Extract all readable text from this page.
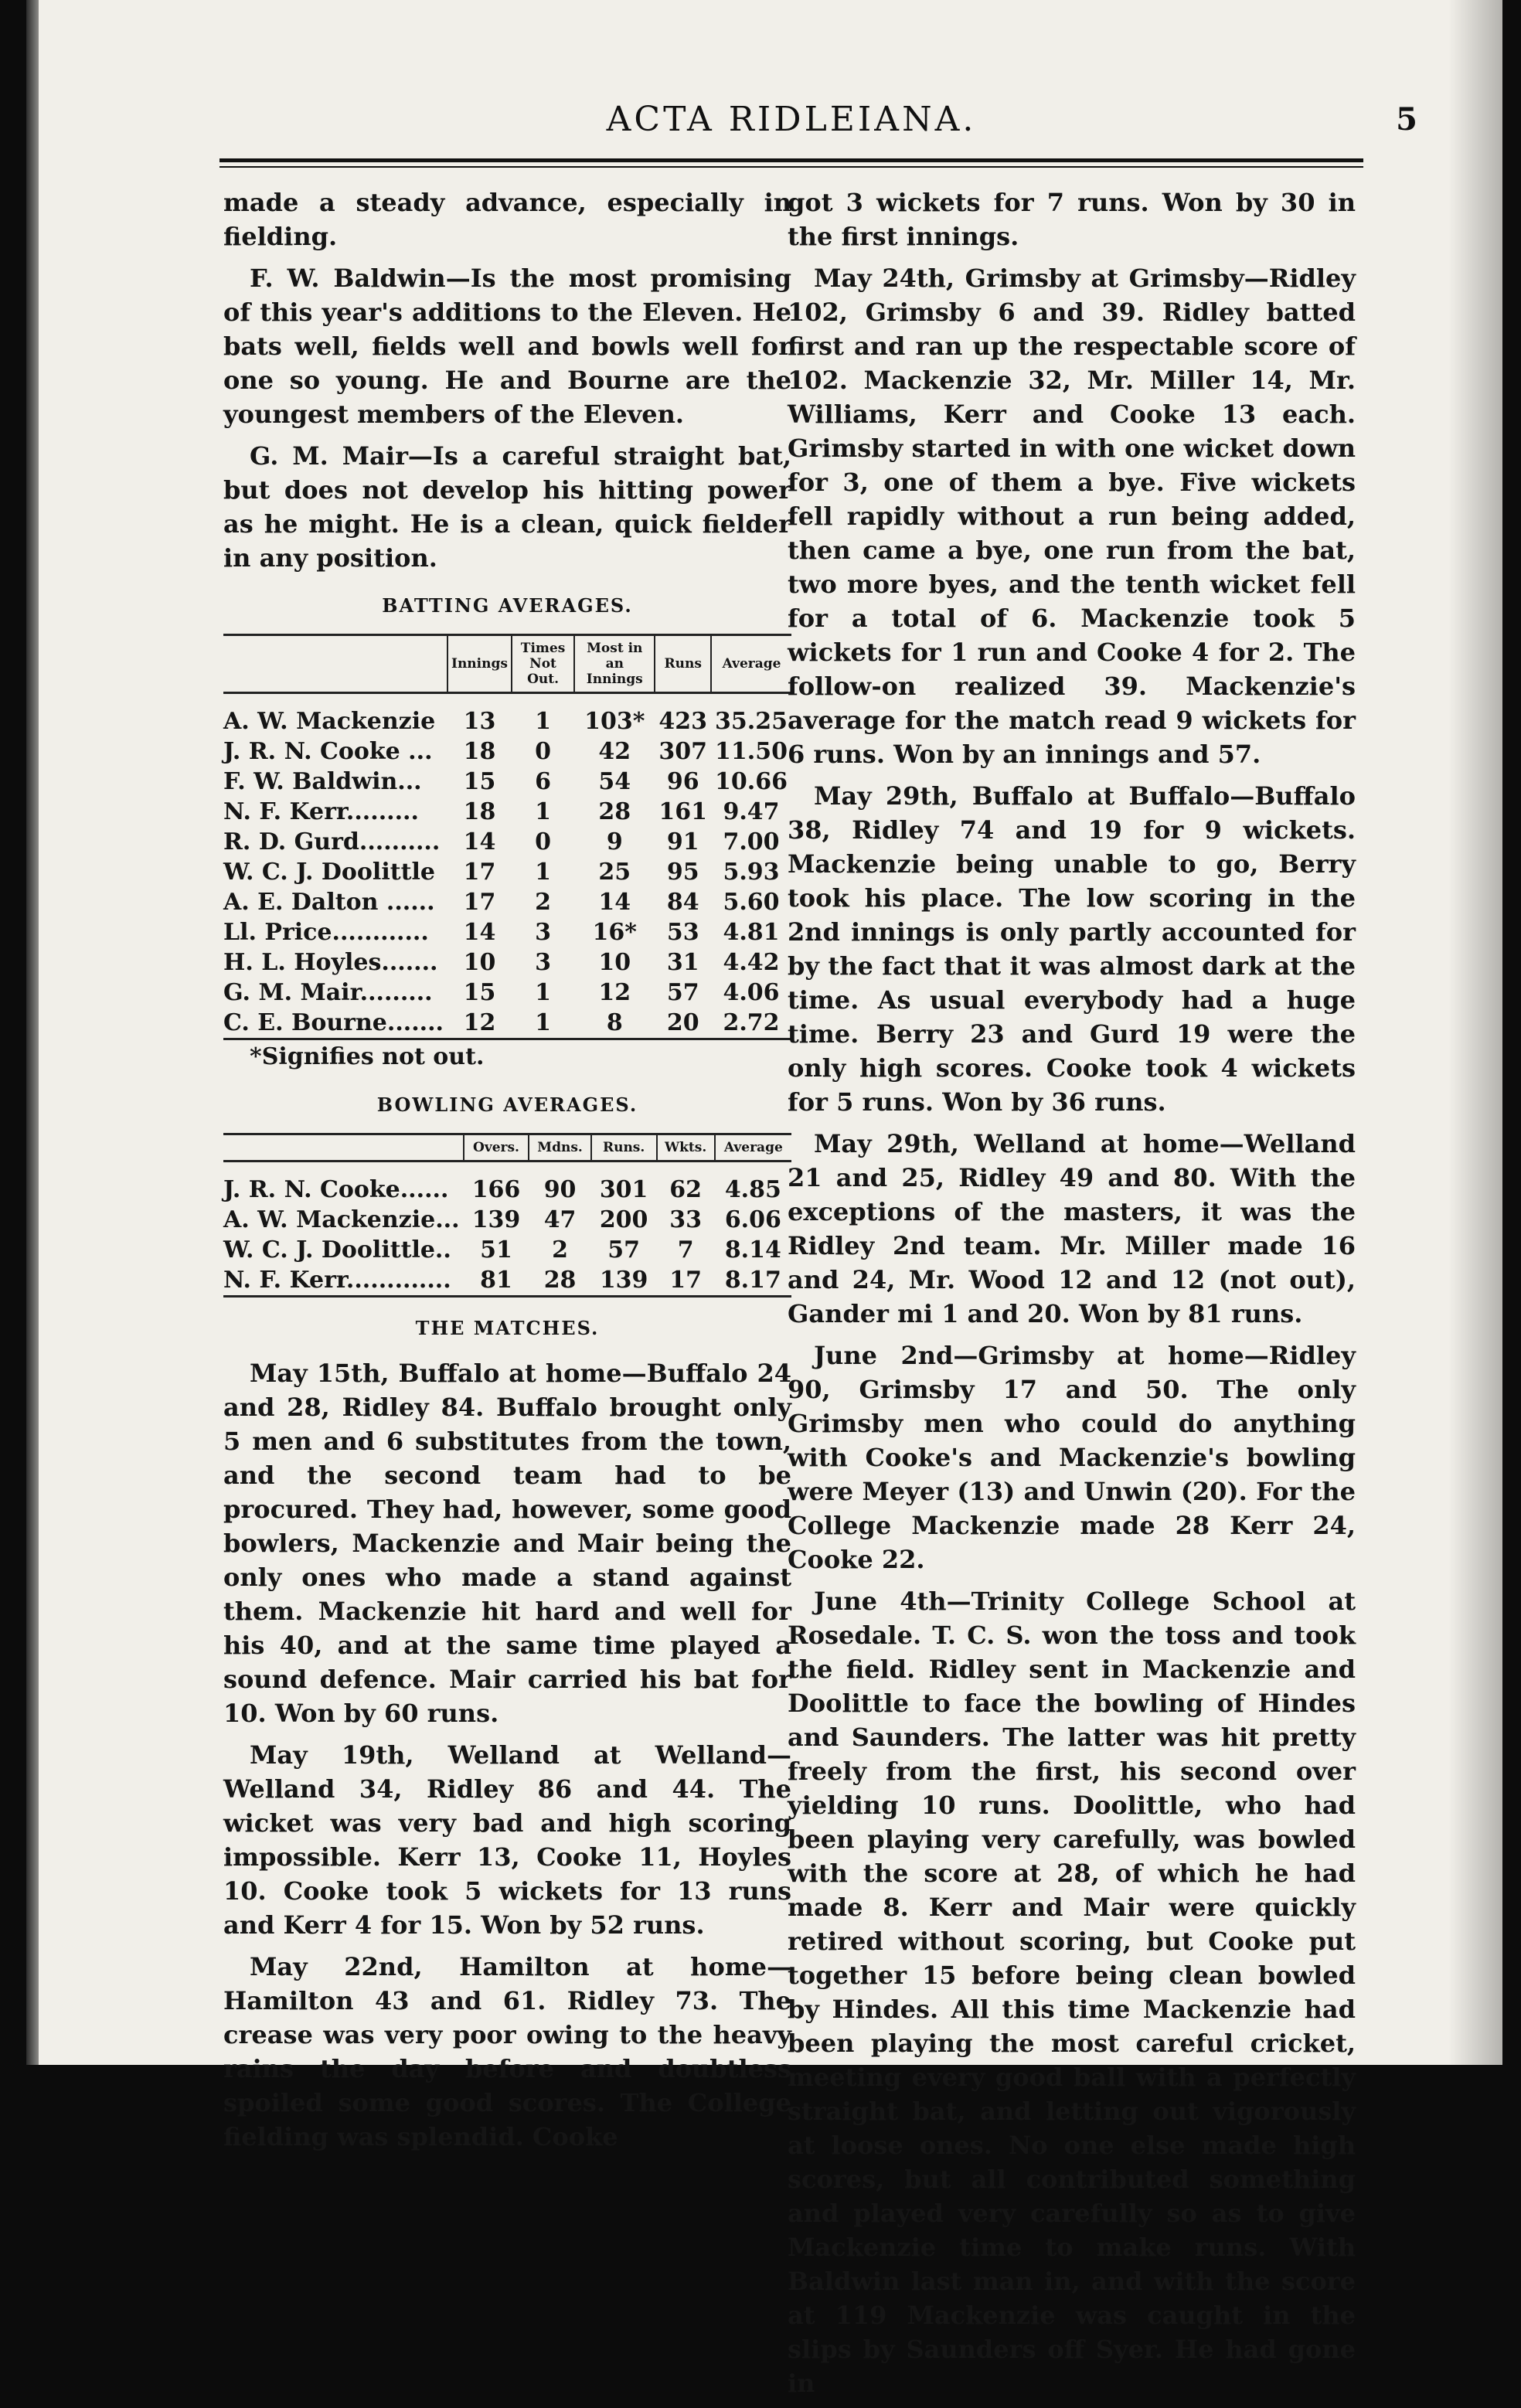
ACTA RIDLEIANA.	5

made a steady advance, especially in fielding.

F. W. Baldwin—Is the most promising of this year's additions to the Eleven. He bats well, fields well and bowls well for one so young. He and Bourne are the youngest members of the Eleven.

G. M. Mair—Is a careful straight bat, but does not develop his hitting power as he might. He is a clean, quick fielder in any position.

BATTING AVERAGES.
	Innings	Times Not Out.	Most in an Innings	Runs	Average

A. W. Mackenzie	13	1	103*	423	35.25
J. R. N. Cooke ...	18	0	42	307	11.50
F. W. Baldwin...	15	6	54	96	10.66
N. F. Kerr.........	18	1	28	161	9.47
R. D. Gurd..........	14	0	9	91	7.00
W. C. J. Doolittle	17	1	25	95	5.93
A. E. Dalton ......	17	2	14	84	5.60
Ll. Price............	14	3	16*	53	4.81
H. L. Hoyles.......	10	3	10	31	4.42
G. M. Mair.........	15	1	12	57	4.06
C. E. Bourne.......	12	1	8	20	2.72

*Signifies not out.

BOWLING AVERAGES.
	Overs.	Mdns.	Runs.	Wkts.	Average

J. R. N. Cooke......	166	90	301	62	4.85
A. W. Mackenzie...	139	47	200	33	6.06
W. C. J. Doolittle..	51	2	57	7	8.14
N. F. Kerr.............	81	28	139	17	8.17
THE MATCHES.

May 15th, Buffalo at home—Buffalo 24 and 28, Ridley 84. Buffalo brought only 5 men and 6 substitutes from the town, and the second team had to be procured. They had, however, some good bowlers, Mackenzie and Mair being the only ones who made a stand against them. Mackenzie hit hard and well for his 40, and at the same time played a sound defence. Mair carried his bat for 10. Won by 60 runs.

May 19th, Welland at Welland—Welland 34, Ridley 86 and 44. The wicket was very bad and high scoring impossible. Kerr 13, Cooke 11, Hoyles 10. Cooke took 5 wickets for 13 runs and Kerr 4 for 15. Won by 52 runs.

May 22nd, Hamilton at home—Hamilton 43 and 61. Ridley 73. The crease was very poor owing to the heavy rains the day before and doubtless spoiled some good scores. The College fielding was splendid. Cooke

got 3 wickets for 7 runs. Won by 30 in the first innings.

May 24th, Grimsby at Grimsby—Ridley 102, Grimsby 6 and 39. Ridley batted first and ran up the respectable score of 102. Mackenzie 32, Mr. Miller 14, Mr. Williams, Kerr and Cooke 13 each. Grimsby started in with one wicket down for 3, one of them a bye. Five wickets fell rapidly without a run being added, then came a bye, one run from the bat, two more byes, and the tenth wicket fell for a total of 6. Mackenzie took 5 wickets for 1 run and Cooke 4 for 2. The follow-on realized 39. Mackenzie's average for the match read 9 wickets for 6 runs. Won by an innings and 57.

May 29th, Buffalo at Buffalo—Buffalo 38, Ridley 74 and 19 for 9 wickets. Mackenzie being unable to go, Berry took his place. The low scoring in the 2nd innings is only partly accounted for by the fact that it was almost dark at the time. As usual everybody had a huge time. Berry 23 and Gurd 19 were the only high scores. Cooke took 4 wickets for 5 runs. Won by 36 runs.

May 29th, Welland at home—Welland 21 and 25, Ridley 49 and 80. With the exceptions of the masters, it was the Ridley 2nd team. Mr. Miller made 16 and 24, Mr. Wood 12 and 12 (not out), Gander mi 1 and 20. Won by 81 runs.

June 2nd—Grimsby at home—Ridley 90, Grimsby 17 and 50. The only Grimsby men who could do anything with Cooke's and Mackenzie's bowling were Meyer (13) and Unwin (20). For the College Mackenzie made 28 Kerr 24, Cooke 22.

June 4th—Trinity College School at Rosedale. T. C. S. won the toss and took the field. Ridley sent in Mackenzie and Doolittle to face the bowling of Hindes and Saunders. The latter was hit pretty freely from the first, his second over yielding 10 runs. Doolittle, who had been playing very carefully, was bowled with the score at 28, of which he had made 8. Kerr and Mair were quickly retired without scoring, but Cooke put together 15 before being clean bowled by Hindes. All this time Mackenzie had been playing the most careful cricket, meeting every good ball with a perfectly straight bat, and letting out vigorously at loose ones. No one else made high scores, but all contributed something and played very carefully so as to give Mackenzie time to make runs. With Baldwin last man in, and with the score at 119 Mackenzie was caught in the slips by Saunders off Syer. He had gone in
